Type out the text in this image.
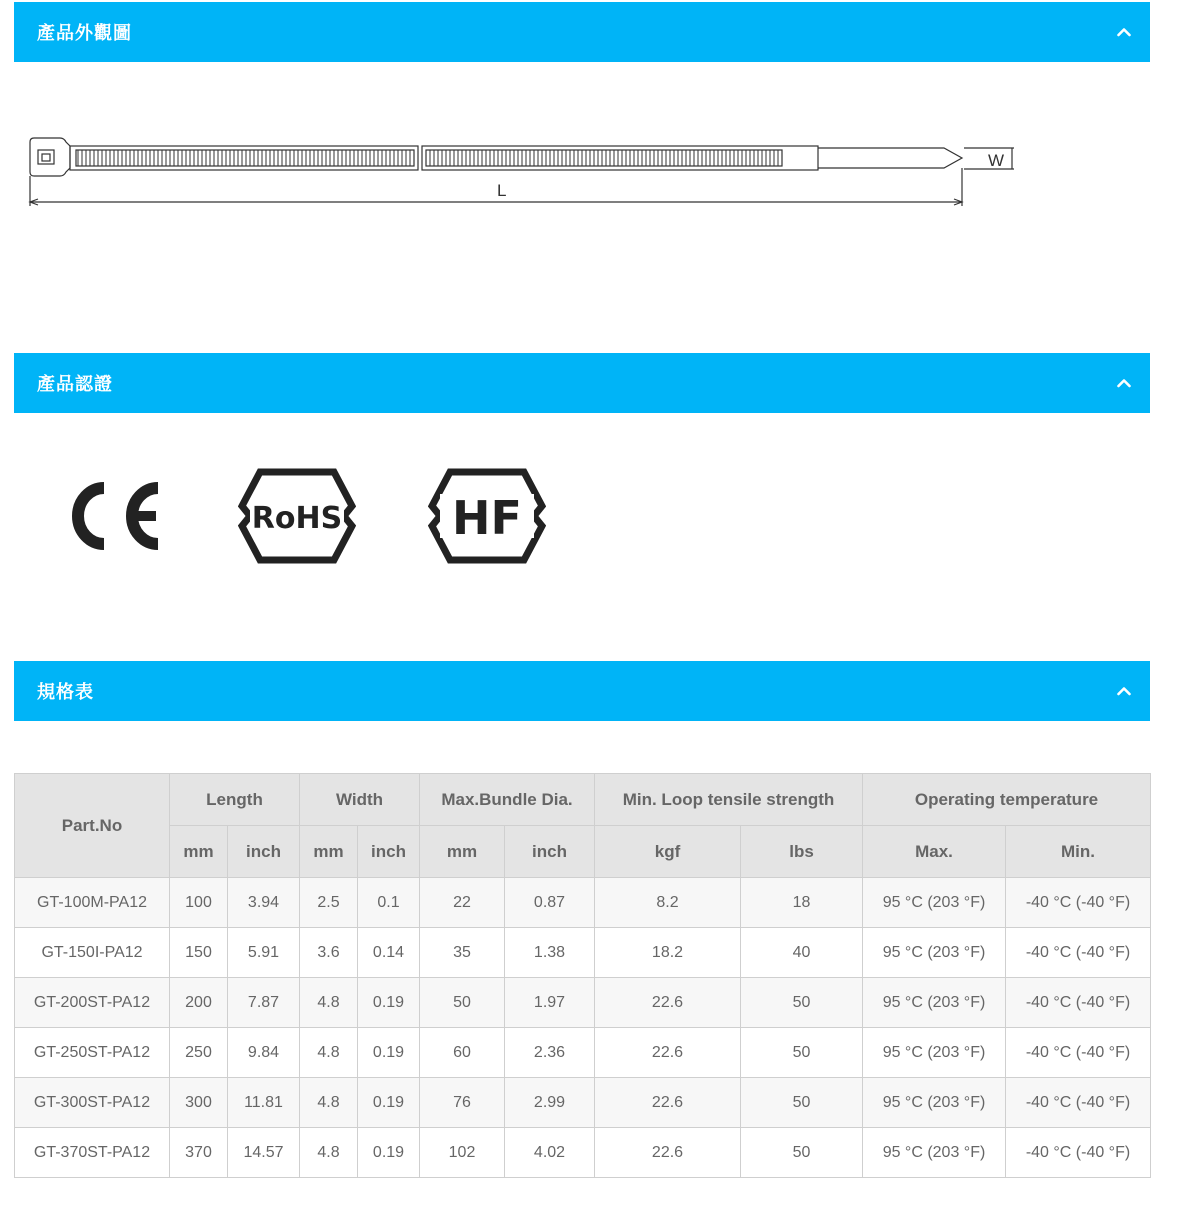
產品外觀圖
L
W
產品認證
RoHS HF
規格表
Part.No	Length		Width		Max.Bundle Dia.		Min. Loop tensile strength		Operating temperature	
	mm	inch	mm	inch	mm	inch	kgf	lbs	Max.	Min.
GT-100M-PA12	100	3.94	2.5	0.1	22	0.87	8.2	18	95 °C (203 °F)	-40 °C (-40 °F)
GT-150I-PA12	150	5.91	3.6	0.14	35	1.38	18.2	40	95 °C (203 °F)	-40 °C (-40 °F)
GT-200ST-PA12	200	7.87	4.8	0.19	50	1.97	22.6	50	95 °C (203 °F)	-40 °C (-40 °F)
GT-250ST-PA12	250	9.84	4.8	0.19	60	2.36	22.6	50	95 °C (203 °F)	-40 °C (-40 °F)
GT-300ST-PA12	300	11.81	4.8	0.19	76	2.99	22.6	50	95 °C (203 °F)	-40 °C (-40 °F)
GT-370ST-PA12	370	14.57	4.8	0.19	102	4.02	22.6	50	95 °C (203 °F)	-40 °C (-40 °F)
